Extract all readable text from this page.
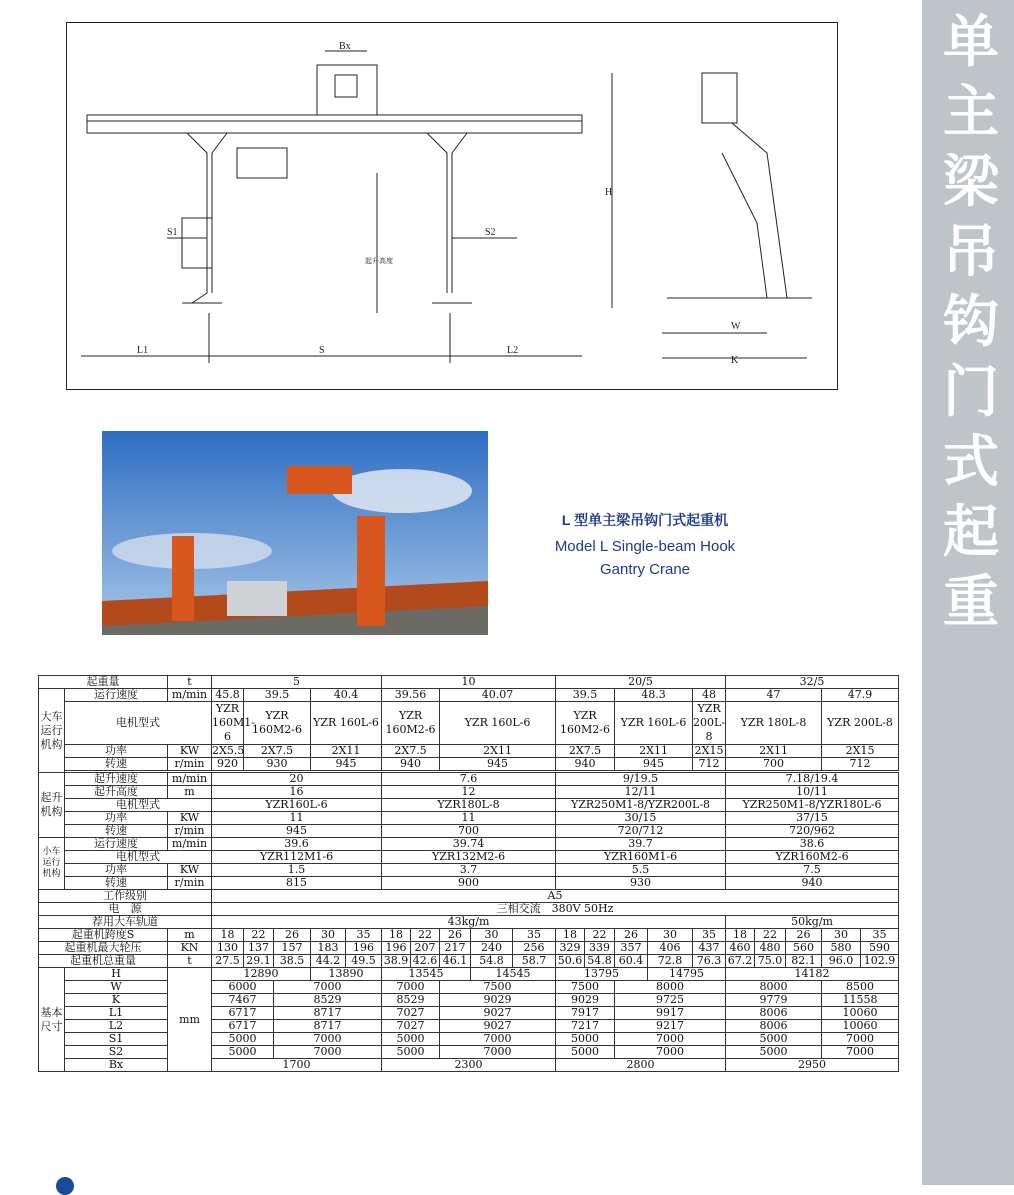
单主梁吊钩门式起重
Bx
L1	S	L2
S1	S2
H
W
K
起升高度
L 型单主梁吊钩门式起重机
Model L Single-beam Hook
Gantry Crane
起重量		t	5					10					20/5					32/5				
大车运行机构	运行速度	m/min	45.8	39.5		40.4		39.56		40.07			39.5		48.3		48	47			47.9	
	电机型式		YZR 160M1-6	YZR 160M2-6		YZR 160L-6		YZR 160M2-6		YZR 160L-6			YZR 160M2-6		YZR 160L-6		YZR 200L-8	YZR 180L-8			YZR 200L-8	
	功率	KW	2X5.5	2X7.5		2X11		2X7.5		2X11			2X7.5		2X11		2X15	2X11			2X15	
	转速	r/min	920	930		945		940		945			940		945		712	700			712	

起升机构	起升速度	m/min	20					7.6					9/19.5					7.18/19.4				
	起升高度	m	16					12					12/11					10/11				
	电机型式		YZR160L-6					YZR180L-8					YZR250M1-8/YZR200L-8					YZR250M1-8/YZR180L-6				
	功率	KW	11					11					30/15					37/15				
	转速	r/min	945					700					720/712					720/962				
小车运行机构	运行速度	m/min	39.6					39.74					39.7					38.6				
	电机型式		YZR112M1-6					YZR132M2-6					YZR160M1-6					YZR160M2-6				
	功率	KW	1.5					3.7					5.5					7.5				
	转速	r/min	815					900					930					940				
工作级别			A5																			
电　源			三相交流　380V 50Hz																			
荐用大车轨道			43kg/m															50kg/m				
起重机跨度S		m	18	22	26	30	35	18	22	26	30	35	18	22	26	30	35	18	22	26	30	35
起重机最大轮压		KN	130	137	157	183	196	196	207	217	240	256	329	339	357	406	437	460	480	560	580	590
起重机总重量		t	27.5	29.1	38.5	44.2	49.5	38.9	42.6	46.1	54.8	58.7	50.6	54.8	60.4	72.8	76.3	67.2	75.0	82.1	96.0	102.9
基本尺寸	H	mm	12890			13890		13545			14545		13795			14795		14182				
	W		6000		7000			7000		7500			7500		8000			8000			8500	
	K		7467		8529			8529		9029			9029		9725			9779			11558	
	L1		6717		8717			7027		9027			7917		9917			8006			10060	
	L2		6717		8717			7027		9027			7217		9217			8006			10060	
	S1		5000		7000			5000		7000			5000		7000			5000			7000	
	S2		5000		7000			5000		7000			5000		7000			5000			7000	
	Bx		1700					2300					2800					2950				
